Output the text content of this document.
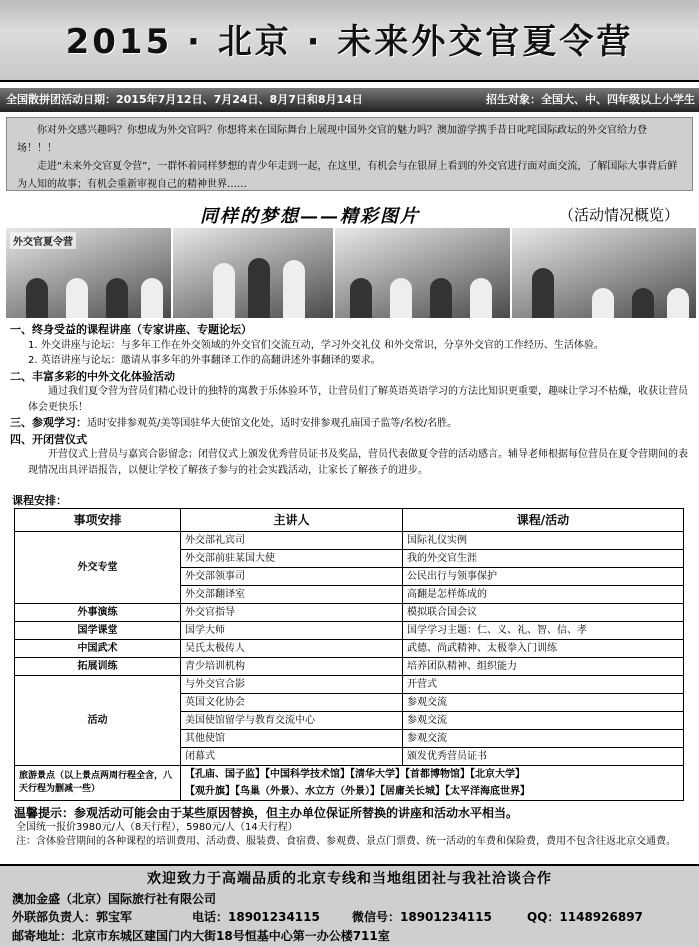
2015 · 北京 · 未来外交官夏令营
全国散拼团活动日期：2015年7月12日、7月24日、8月7日和8月14日	招生对象：全国大、中、四年级以上小学生

你对外交感兴趣吗？你想成为外交官吗？你想将来在国际舞台上展现中国外交官的魅力吗？澳加游学携手昔日叱咤国际政坛的外交官给力登场！！！

走进“未来外交官夏令营”，一群怀着同样梦想的青少年走到一起，在这里，有机会与在银屏上看到的外交官进行面对面交流，了解国际大事背后鲜为人知的故事；有机会重新审视自己的精神世界……

同样的梦想——精彩图片	（活动情况概览）
外交官夏令营
一、终身受益的课程讲座（专家讲座、专题论坛）
1. 外交讲座与论坛：与多年工作在外交领域的外交官们交流互动，学习外交礼仪 和外交常识，分享外交官的工作经历、生活体验。
2. 英语讲座与论坛：邀请从事多年的外事翻译工作的高翻讲述外事翻译的要求。
二、丰富多彩的中外文化体验活动
通过我们夏令营为营员们精心设计的独特的寓教于乐体验环节，让营员们了解英语英语学习的方法比知识更重要，趣味让学习不枯燥，收获让营员体会更快乐！
三、参观学习：适时安排参观英/美等国驻华大使馆文化处，适时安排参观孔庙国子监等/名校/名胜。
四、开闭营仪式
开营仪式上营员与嘉宾合影留念；闭营仪式上颁发优秀营员证书及奖品，营员代表做夏令营的活动感言。辅导老师根据每位营员在夏令营期间的表现情况出具评语报告，以便让学校了解孩子参与的社会实践活动，让家长了解孩子的进步。
课程安排：
事项安排	主讲人	课程/活动
外交专堂	外交部礼宾司	国际礼仪实例
	外交部前驻某国大使	我的外交官生涯
	外交部领事司	公民出行与领事保护
	外交部翻译室	高翻是怎样炼成的
外事演练	外交官指导	模拟联合国会议
国学课堂	国学大师	国学学习主题：仁、义、礼、智、信、孝
中国武术	吴氏太极传人	武德、尚武精神、太极拳入门训练
拓展训练	青少培训机构	培养团队精神、组织能力
活动	与外交官合影	开营式
	英国文化协会	参观交流
	美国使馆留学与教育交流中心	参观交流
	其他使馆	参观交流
	闭幕式	颁发优秀营员证书
旅游景点（以上景点两周行程全含，八天行程为删减一些）	【孔庙、国子监】【中国科学技术馆】【清华大学】【首都博物馆】【北京大学】
【观升旗】【鸟巢（外景）、水立方（外景）】【居庸关长城】【太平洋海底世界】	
温馨提示：参观活动可能会由于某些原因替换，但主办单位保证所替换的讲座和活动水平相当。
全国统一报价3980元/人（8天行程），5980元/人（14天行程）
注：含体验营期间的各种课程的培训费用、活动费、服装费、食宿费、参观费、景点门票费、统一活动的车费和保险费，费用不包含往返北京交通费。
欢迎致力于高端品质的北京专线和当地组团社与我社洽谈合作
澳加金盛（北京）国际旅行社有限公司
外联部负责人：郭宝军	电话：18901234115	微信号：18901234115	QQ：1148926897
邮寄地址：北京市东城区建国门内大街18号恒基中心第一办公楼711室
